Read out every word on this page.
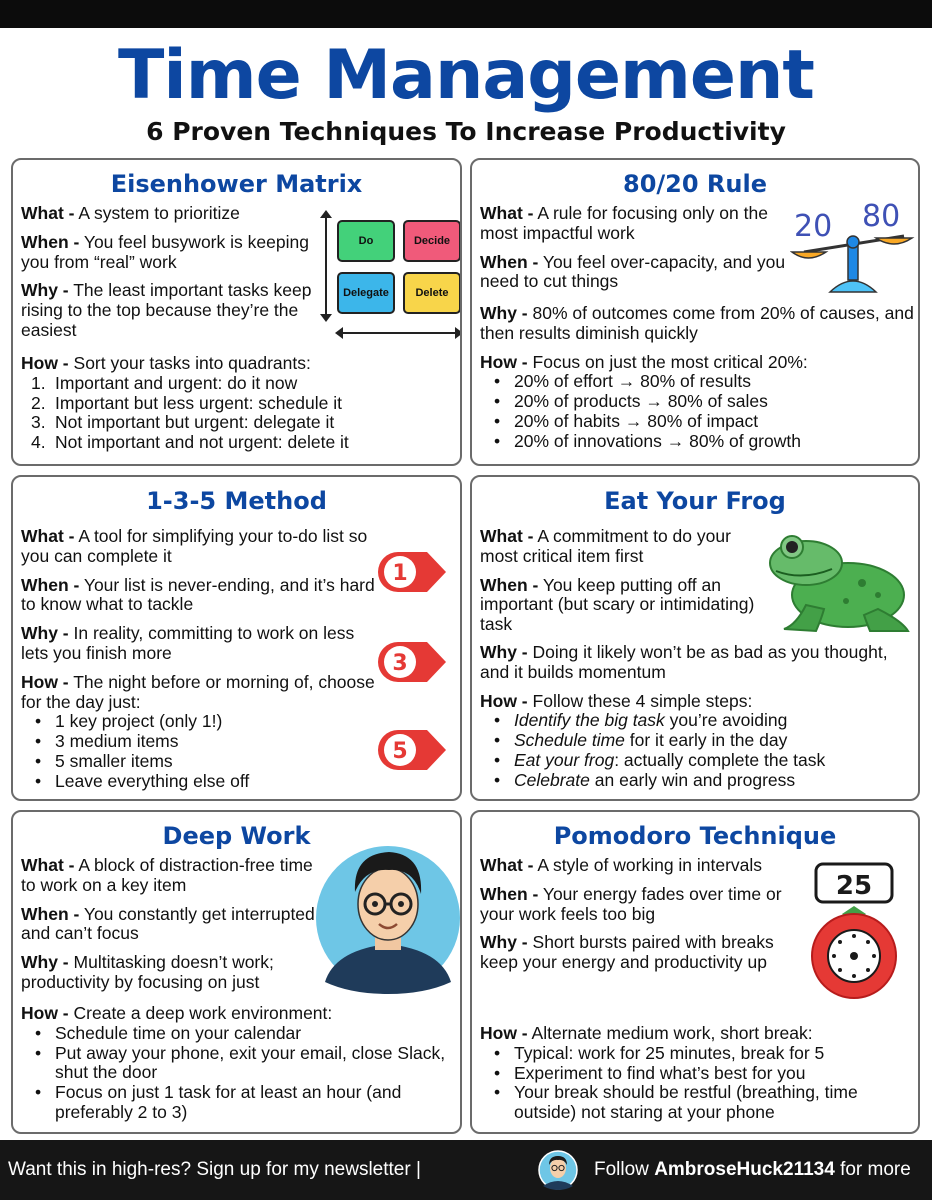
Time Management
6 Proven Techniques To Increase Productivity
Eisenhower Matrix

What - A system to prioritize

When - You feel busywork is keeping you from “real” work

Why - The least important tasks keep rising to the top because they’re the easiest

How - Sort your tasks into quadrants:

1. Important and urgent: do it now
2. Important but less urgent: schedule it
3. Not important but urgent: delegate it
4. Not important and not urgent: delete it
Do	Decide
Delegate	Delete
80/20 Rule

What - A rule for focusing only on the most impactful work

When - You feel over-capacity, and you need to cut things

Why - 80% of outcomes come from 20% of causes, and then results diminish quickly

How - Focus on just the most critical 20%:

• 20% of effort → 80% of results
• 20% of products → 80% of sales
• 20% of habits → 80% of impact
• 20% of innovations → 80% of growth
20 80
1-3-5 Method

What - A tool for simplifying your to-do list so you can complete it

When - Your list is never-ending, and it’s hard to know what to tackle

Why - In reality, committing to work on less lets you finish more

How - The night before or morning of, choose for the day just:

• 1 key project (only 1!)
• 3 medium items
• 5 smaller items
• Leave everything else off
1
3
5
Eat Your Frog

What - A commitment to do your most critical item first

When - You keep putting off an important (but scary or intimidating) task

Why - Doing it likely won’t be as bad as you thought, and it builds momentum

How - Follow these 4 simple steps:

• Identify the big task you’re avoiding
• Schedule time for it early in the day
• Eat your frog: actually complete the task
• Celebrate an early win and progress
Deep Work

What - A block of distraction-free time to work on a key item

When - You constantly get interrupted and can’t focus

Why - Multitasking doesn’t work; productivity by focusing on just

How - Create a deep work environment:

• Schedule time on your calendar
• Put away your phone, exit your email, close Slack, shut the door
• Focus on just 1 task for at least an hour (and preferably 2 to 3)
Pomodoro Technique

What - A style of working in intervals

When - Your energy fades over time or your work feels too big

Why - Short bursts paired with breaks keep your energy and productivity up

How - Alternate medium work, short break:

• Typical: work for 25 minutes, break for 5
• Experiment to find what’s best for you
• Your break should be restful (breathing, time outside) not staring at your phone
25
Want this in high-res? Sign up for my newsletter |	Follow AmbroseHuck21134 for more
